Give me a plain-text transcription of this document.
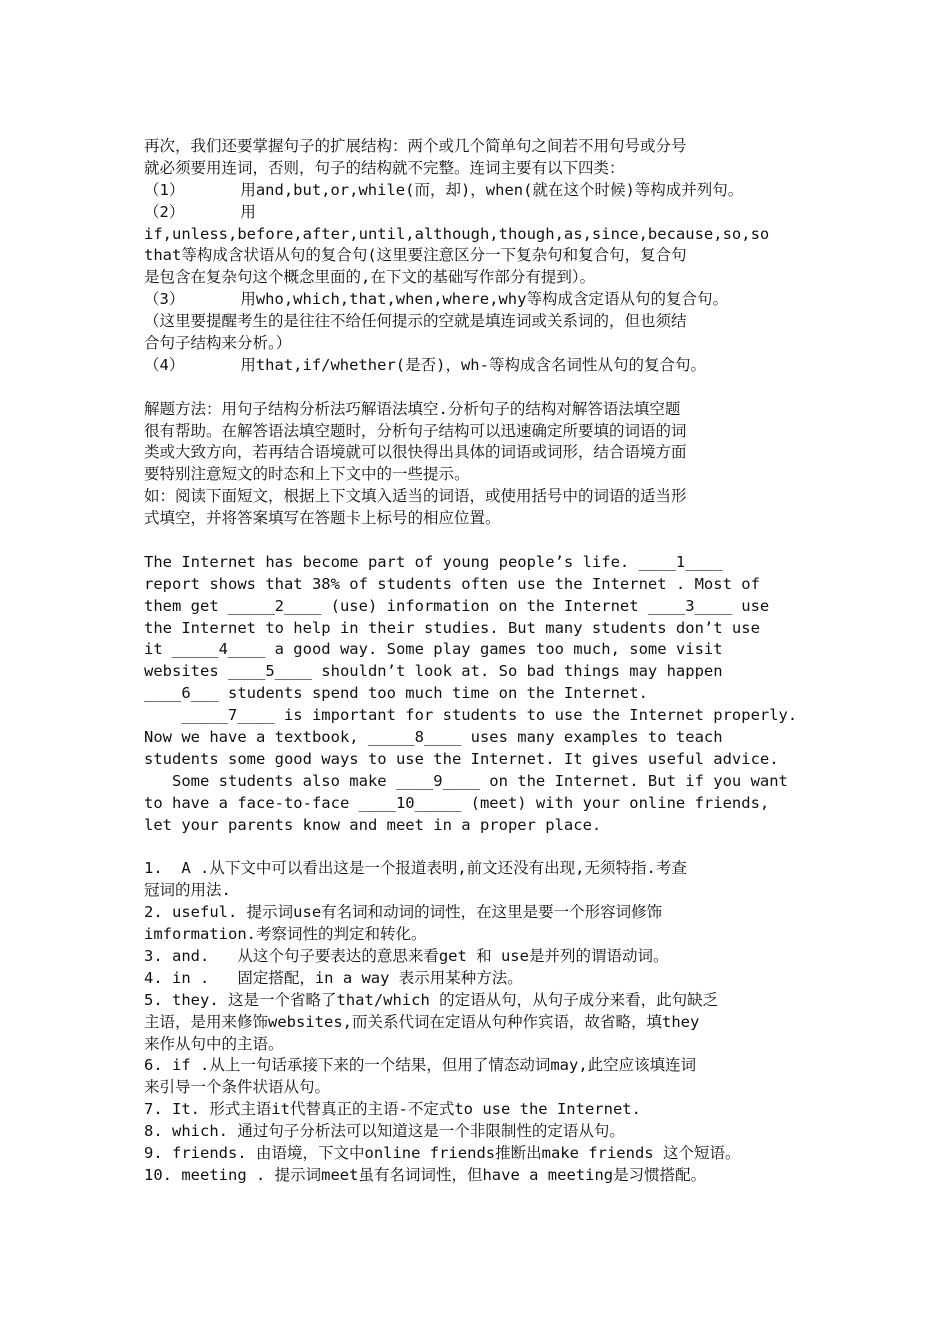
再次，我们还要掌握句子的扩展结构：两个或几个简单句之间若不用句号或分号
就必须要用连词，否则，句子的结构就不完整。连词主要有以下四类：
（1）      用and,but,or,while(而，却)，when(就在这个时候)等构成并列句。
（2）      用
if,unless,before,after,until,although,though,as,since,because,so,so
that等构成含状语从句的复合句(这里要注意区分一下复杂句和复合句，复合句
是包含在复杂句这个概念里面的,在下文的基础写作部分有提到）。
（3）      用who,which,that,when,where,why等构成含定语从句的复合句。
（这里要提醒考生的是往往不给任何提示的空就是填连词或关系词的，但也须结
合句子结构来分析。）
（4）      用that,if/whether(是否)，wh-等构成含名词性从句的复合句。
解题方法：用句子结构分析法巧解语法填空.分析句子的结构对解答语法填空题
很有帮助。在解答语法填空题时，分析句子结构可以迅速确定所要填的词语的词
类或大致方向，若再结合语境就可以很快得出具体的词语或词形，结合语境方面
要特别注意短文的时态和上下文中的一些提示。
如：阅读下面短文，根据上下文填入适当的词语，或使用括号中的词语的适当形
式填空，并将答案填写在答题卡上标号的相应位置。
The Internet has become part of young people’s life. ____1____
report shows that 38% of students often use the Internet . Most of
them get _____2____ (use) information on the Internet ____3____ use
the Internet to help in their studies. But many students don’t use
it _____4____ a good way. Some play games too much, some visit
websites ____5____ shouldn’t look at. So bad things may happen
____6___ students spend too much time on the Internet.
_____7____ is important for students to use the Internet properly.
Now we have a textbook, _____8____ uses many examples to teach
students some good ways to use the Internet. It gives useful advice.
Some students also make ____9____ on the Internet. But if you want
to have a face-to-face ____10_____ (meet) with your online friends,
let your parents know and meet in a proper place.
1.  A .从下文中可以看出这是一个报道表明,前文还没有出现,无须特指.考查
冠词的用法.
2. useful. 提示词use有名词和动词的词性，在这里是要一个形容词修饰
imformation.考察词性的判定和转化。
3. and.   从这个句子要表达的意思来看get 和 use是并列的谓语动词。
4. in .   固定搭配，in a way 表示用某种方法。
5. they. 这是一个省略了that/which 的定语从句，从句子成分来看，此句缺乏
主语，是用来修饰websites,而关系代词在定语从句种作宾语，故省略，填they
来作从句中的主语。
6. if .从上一句话承接下来的一个结果，但用了情态动词may,此空应该填连词
来引导一个条件状语从句。
7. It. 形式主语it代替真正的主语-不定式to use the Internet.
8. which. 通过句子分析法可以知道这是一个非限制性的定语从句。
9. friends. 由语境，下文中online friends推断出make friends 这个短语。
10. meeting . 提示词meet虽有名词词性，但have a meeting是习惯搭配。
